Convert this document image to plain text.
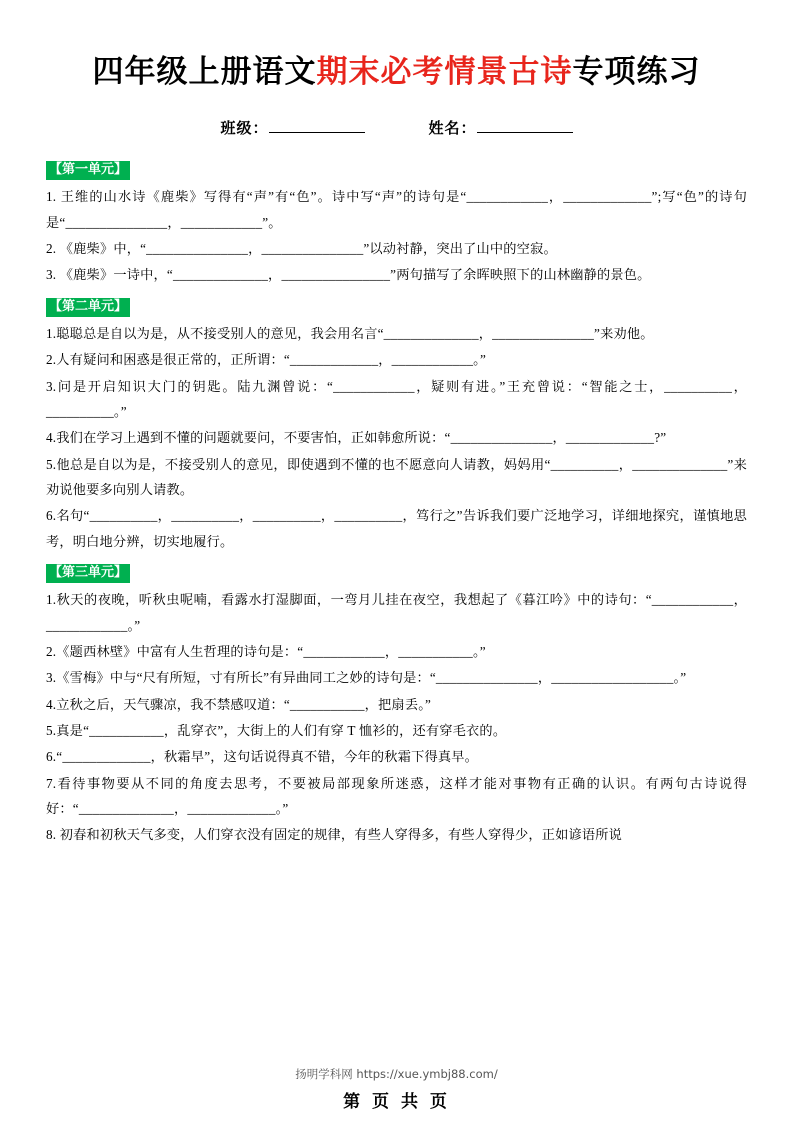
四年级上册语文期末必考情景古诗专项练习
班级：	姓名：
【第一单元】

1. 王维的山水诗《鹿柴》写得有“声”有“色”。诗中写“声”的诗句是“____________，_____________”;写“色”的诗句是“_______________，____________”。

2. 《鹿柴》中，“_______________，_______________”以动衬静，突出了山中的空寂。

3. 《鹿柴》一诗中，“______________，________________”两句描写了余晖映照下的山林幽静的景色。

【第二单元】

1.聪聪总是自以为是，从不接受别人的意见，我会用名言“______________，_______________”来劝他。

2.人有疑问和困惑是很正常的，正所谓：“_____________，____________。”

3.问是开启知识大门的钥匙。陆九渊曾说：“____________，疑则有进。”王充曾说：“智能之士，__________，__________。”

4.我们在学习上遇到不懂的问题就要问，不要害怕，正如韩愈所说：“_______________，_____________?”

5.他总是自以为是，不接受别人的意见，即使遇到不懂的也不愿意向人请教，妈妈用“__________，______________”来劝说他要多向别人请教。

6.名句“__________，__________，__________，__________，笃行之”告诉我们要广泛地学习，详细地探究，谨慎地思考，明白地分辨，切实地履行。

【第三单元】

1.秋天的夜晚，听秋虫呢喃，看露水打湿脚面，一弯月儿挂在夜空，我想起了《暮江吟》中的诗句：“____________，____________。”

2.《题西林壁》中富有人生哲理的诗句是：“____________，___________。”

3.《雪梅》中与“尺有所短，寸有所长”有异曲同工之妙的诗句是：“_______________，__________________。”

4.立秋之后，天气骤凉，我不禁感叹道：“___________，把扇丢。”

5.真是“___________，乱穿衣”，大街上的人们有穿 T 恤衫的，还有穿毛衣的。

6.“_____________，秋霜早”，这句话说得真不错，今年的秋霜下得真早。

7.看待事物要从不同的角度去思考，不要被局部现象所迷惑，这样才能对事物有正确的认识。有两句古诗说得好：“______________，_____________。”

8. 初春和初秋天气多变，人们穿衣没有固定的规律，有些人穿得多，有些人穿得少，正如谚语所说

扬明学科网 https://xue.ymbj88.com/
第 页 共 页
